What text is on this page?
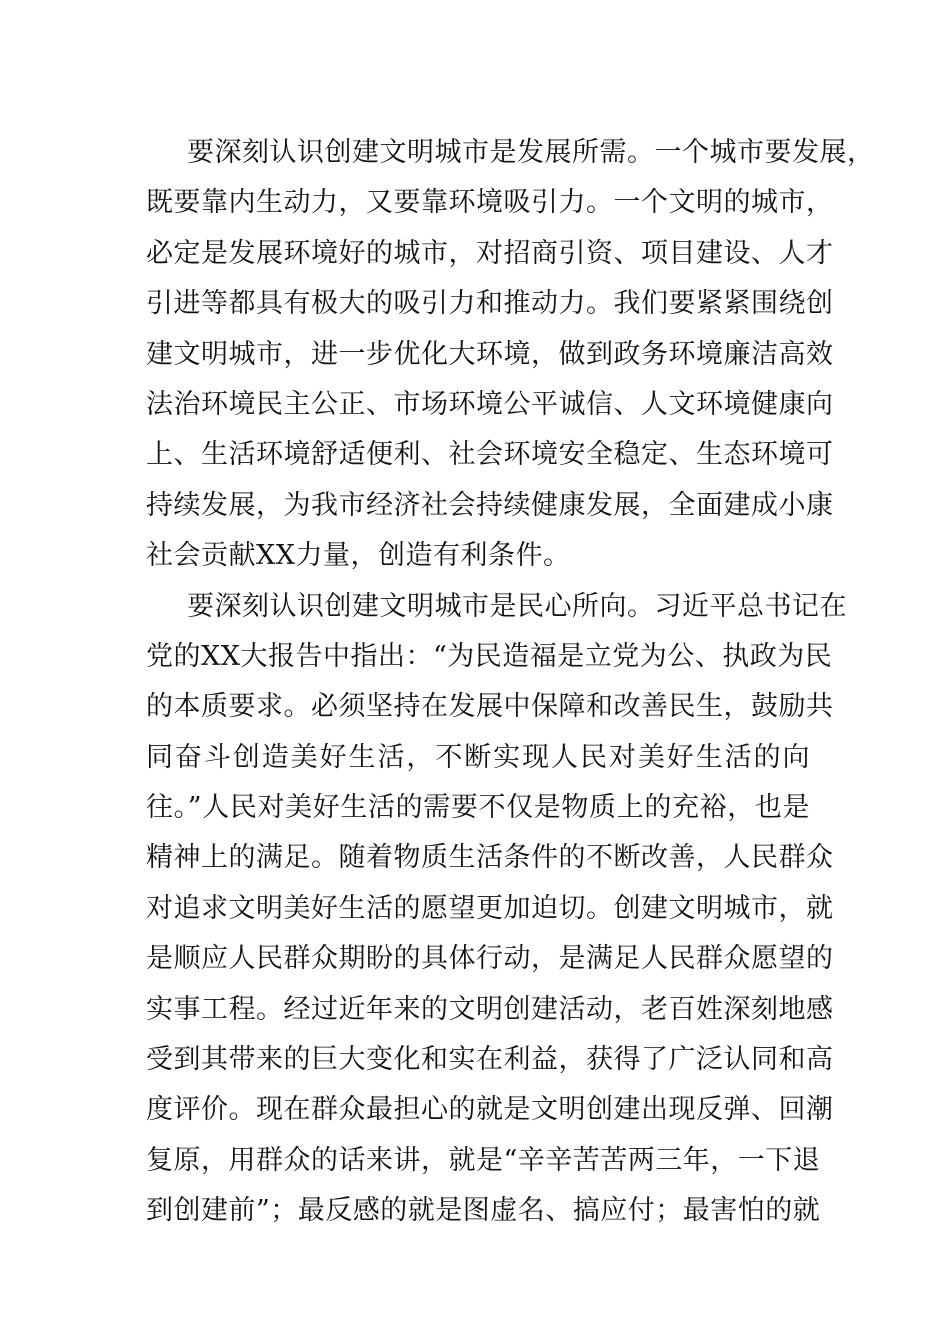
要深刻认识创建文明城市是发展所需。一个城市要发展，
既要靠内生动力，又要靠环境吸引力。一个文明的城市，
必定是发展环境好的城市，对招商引资、项目建设、人才
引进等都具有极大的吸引力和推动力。我们要紧紧围绕创
建文明城市，进一步优化大环境，做到政务环境廉洁高效
法治环境民主公正、市场环境公平诚信、人文环境健康向
上、生活环境舒适便利、社会环境安全稳定、生态环境可
持续发展，为我市经济社会持续健康发展，全面建成小康
社会贡献XX力量，创造有利条件。
要深刻认识创建文明城市是民心所向。习近平总书记在
党的XX大报告中指出：“为民造福是立党为公、执政为民
的本质要求。必须坚持在发展中保障和改善民生，鼓励共
同奋斗创造美好生活，不断实现人民对美好生活的向
往。”人民对美好生活的需要不仅是物质上的充裕，也是
精神上的满足。随着物质生活条件的不断改善，人民群众
对追求文明美好生活的愿望更加迫切。创建文明城市，就
是顺应人民群众期盼的具体行动，是满足人民群众愿望的
实事工程。经过近年来的文明创建活动，老百姓深刻地感
受到其带来的巨大变化和实在利益，获得了广泛认同和高
度评价。现在群众最担心的就是文明创建出现反弹、回潮
复原，用群众的话来讲，就是“辛辛苦苦两三年，一下退
到创建前”；最反感的就是图虚名、搞应付；最害怕的就
